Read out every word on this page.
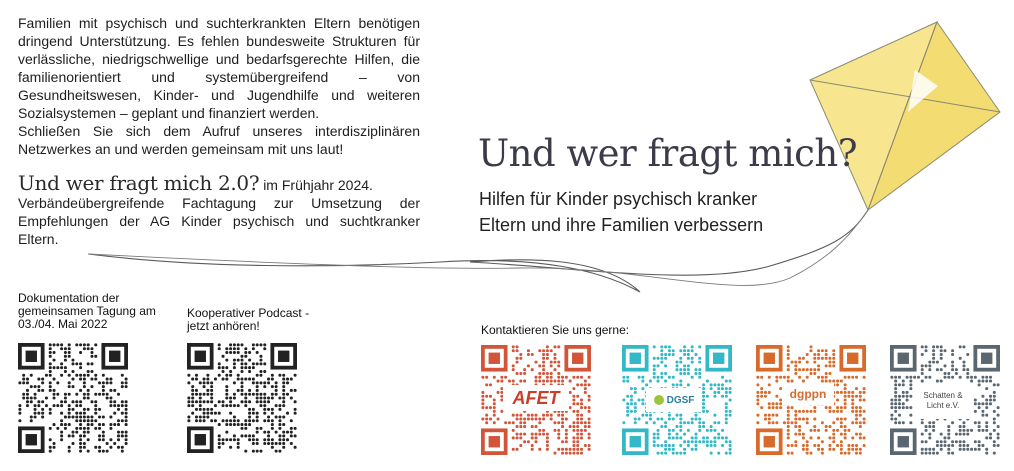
Familien mit psychisch und suchterkrankten Eltern benötigen dringend Unterstützung. Es fehlen bundesweite Strukturen für verlässliche, niedrigschwellige und bedarfsgerechte Hilfen, die familienorientiert und systemübergreifend – von Gesundheitswesen, Kinder- und Jugendhilfe und weiteren Sozialsystemen – geplant und finanziert werden.

Schließen Sie sich dem Aufruf unseres interdisziplinären Netzwerkes an und werden gemeinsam mit uns laut!

Und wer fragt mich 2.0? im Frühjahr 2024.
Verbändeübergreifende Fachtagung zur Umsetzung der Empfehlungen der AG Kinder psychisch und suchtkranker Eltern.
Und wer fragt mich?
Hilfen für Kinder psychisch kranker
Eltern und ihre Familien verbessern
Dokumentation der gemeinsamen Tagung am 03./04. Mai 2022
Kooperativer Podcast - jetzt anhören!	Kontaktieren Sie uns gerne:
AFET	DGSF	dgppn	Schatten & Licht e.V.
